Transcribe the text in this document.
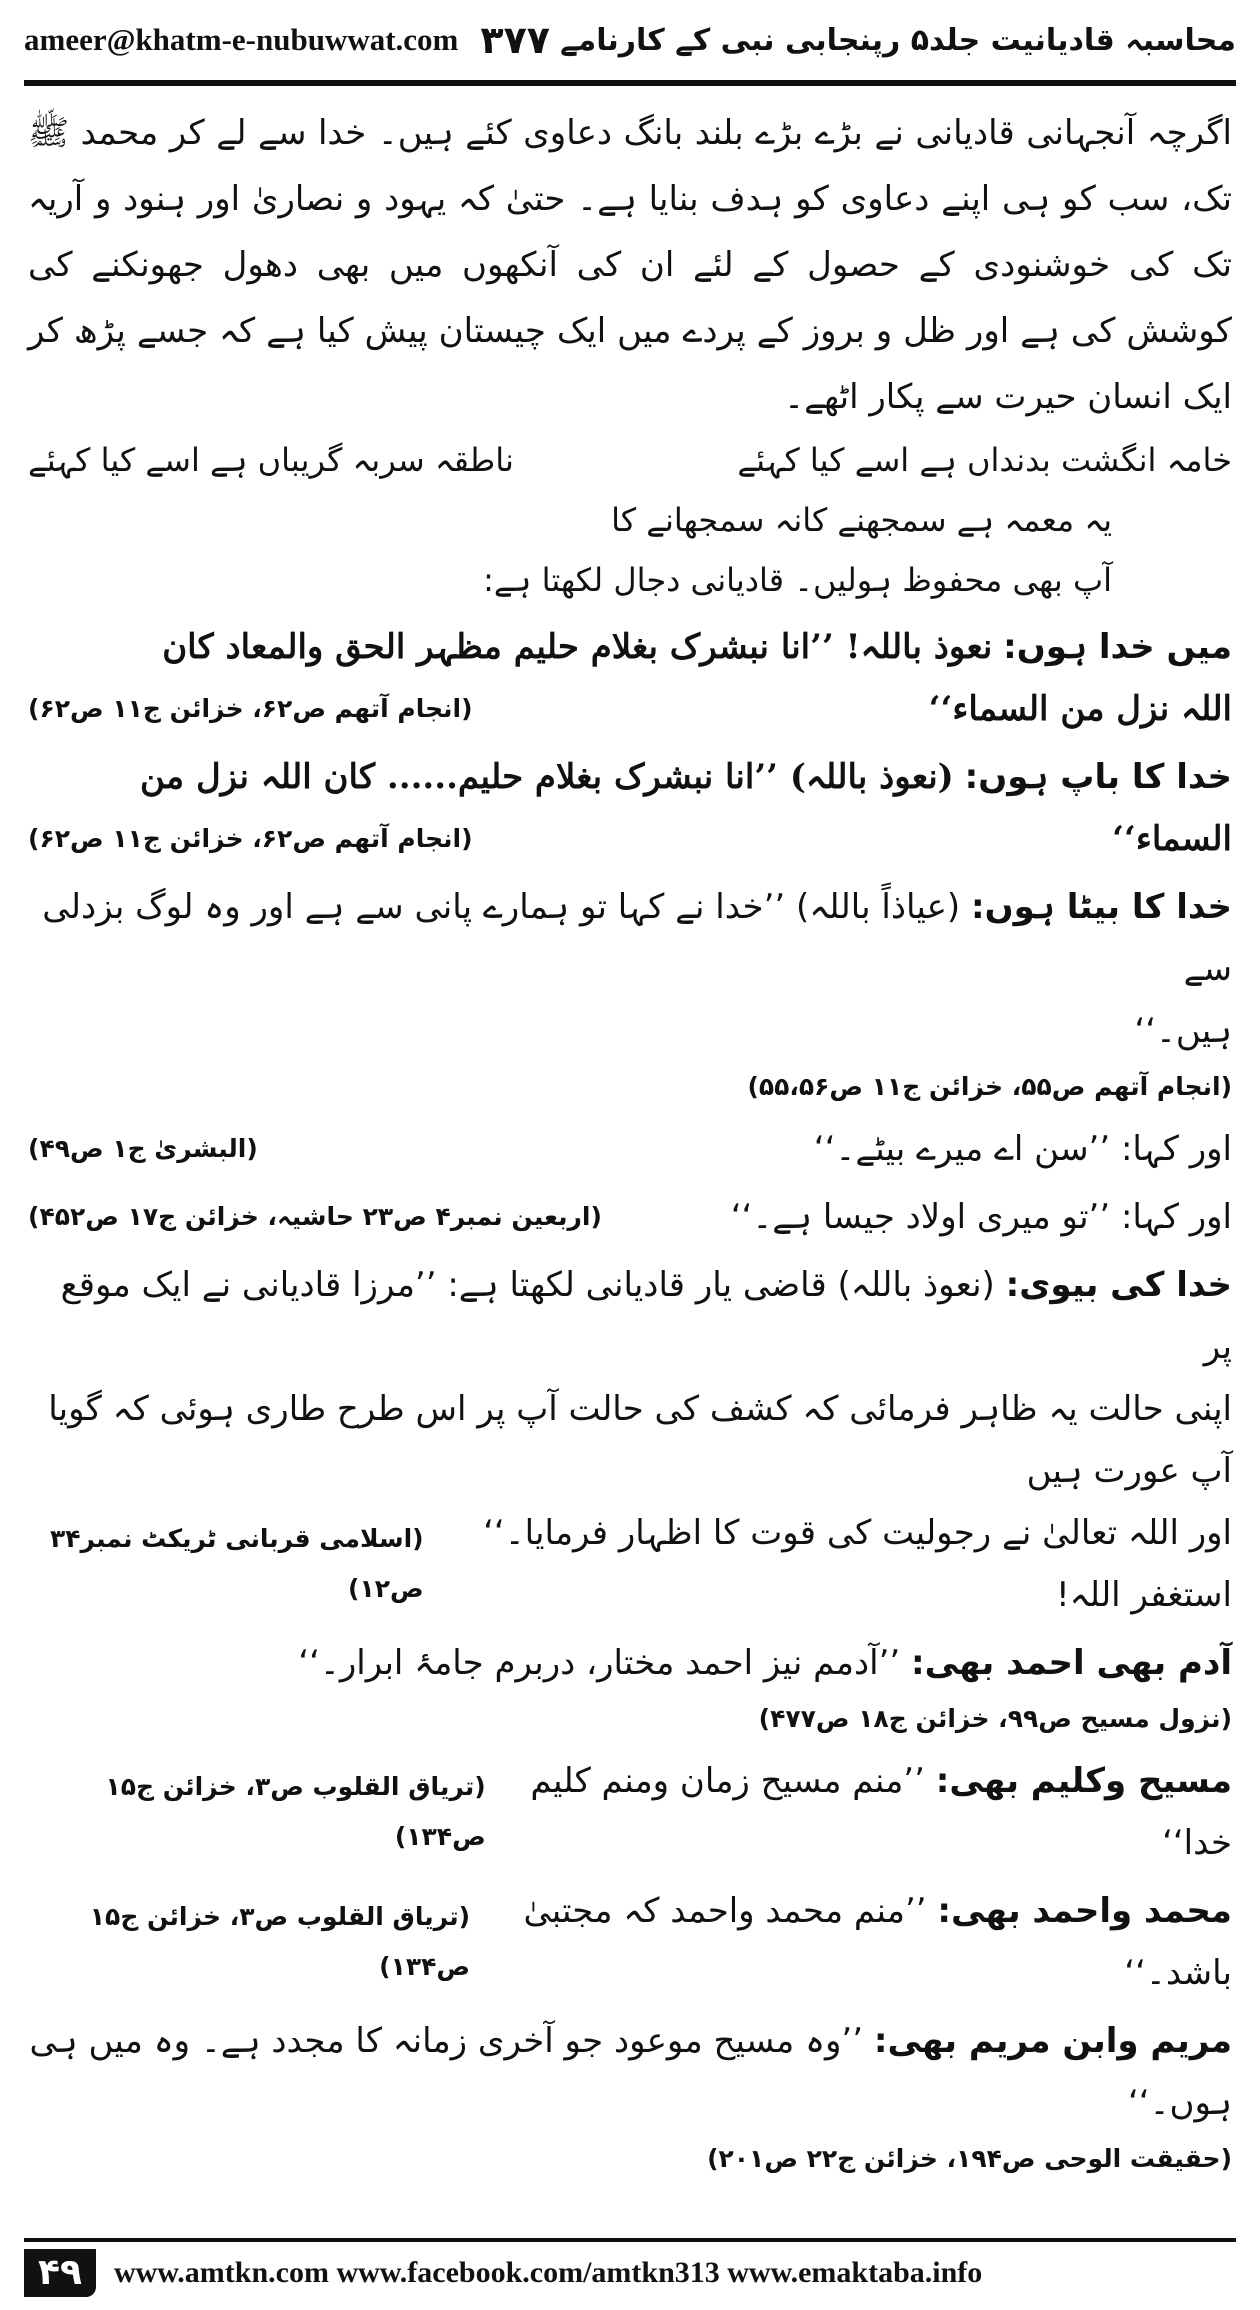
ameer@khatm-e-nubuwwat.com ۳۷۷ محاسبہ قادیانیت جلد۵ رپنجابی نبی کے کارنامے

اگرچہ آنجہانی قادیانی نے بڑے بڑے بلند بانگ دعاوی کئے ہیں۔ خدا سے لے کر محمد ﷺ تک، سب کو ہی اپنے دعاوی کو ہدف بنایا ہے۔ حتیٰ کہ یہود و نصاریٰ اور ہنود و آریہ تک کی خوشنودی کے حصول کے لئے ان کی آنکھوں میں بھی دھول جھونکنے کی کوشش کی ہے اور ظل و بروز کے پردے میں ایک چیستان پیش کیا ہے کہ جسے پڑھ کر ایک انسان حیرت سے پکار اٹھے۔

خامہ انگشت بدنداں ہے اسے کیا کہئے
ناطقہ سربہ گریباں ہے اسے کیا کہئے
یہ معمہ ہے سمجھنے کانہ سمجھانے کا
آپ بھی محفوظ ہولیں۔ قادیانی دجال لکھتا ہے:
میں خدا ہوں: نعوذ باللہ! ’’انا نبشرک بغلام حلیم مظہر الحق والمعاد کان
اللہ نزل من السماء‘‘
(انجام آتھم ص۶۲، خزائن ج۱۱ ص۶۲)
خدا کا باپ ہوں: (نعوذ باللہ) ’’انا نبشرک بغلام حلیم...... کان اللہ نزل من
السماء‘‘
(انجام آتھم ص۶۲، خزائن ج۱۱ ص۶۲)
خدا کا بیٹا ہوں: (عیاذاً باللہ) ’’خدا نے کہا تو ہمارے پانی سے ہے اور وہ لوگ بزدلی سے
ہیں۔‘‘
(انجام آتھم ص۵۵، خزائن ج۱۱ ص۵۵،۵۶)
اور کہا: ’’سن اے میرے بیٹے۔‘‘
(البشریٰ ج۱ ص۴۹)
اور کہا: ’’تو میری اولاد جیسا ہے۔‘‘
(اربعین نمبر۴ ص۲۳ حاشیہ، خزائن ج۱۷ ص۴۵۲)
خدا کی بیوی: (نعوذ باللہ) قاضی یار قادیانی لکھتا ہے: ’’مرزا قادیانی نے ایک موقع پر
اپنی حالت یہ ظاہر فرمائی کہ کشف کی حالت آپ پر اس طرح طاری ہوئی کہ گویا آپ عورت ہیں
اور اللہ تعالیٰ نے رجولیت کی قوت کا اظہار فرمایا۔‘‘ استغفر اللہ!
(اسلامی قربانی ٹریکٹ نمبر۳۴ ص۱۲)
آدم بھی احمد بھی: ’’آدمم نیز احمد مختار، دربرم جامۂ ابرار۔‘‘
(نزول مسیح ص۹۹، خزائن ج۱۸ ص۴۷۷)
مسیح وکلیم بھی: ’’منم مسیح زمان ومنم کلیم خدا‘‘
(تریاق القلوب ص۳، خزائن ج۱۵ ص۱۳۴)
محمد واحمد بھی: ’’منم محمد واحمد کہ مجتبیٰ باشد۔‘‘
(تریاق القلوب ص۳، خزائن ج۱۵ ص۱۳۴)
مریم وابن مریم بھی: ’’وہ مسیح موعود جو آخری زمانہ کا مجدد ہے۔ وہ میں ہی ہوں۔‘‘
(حقیقت الوحی ص۱۹۴، خزائن ج۲۲ ص۲۰۱)
۴۹	www.amtkn.com www.facebook.com/amtkn313 www.emaktaba.info
